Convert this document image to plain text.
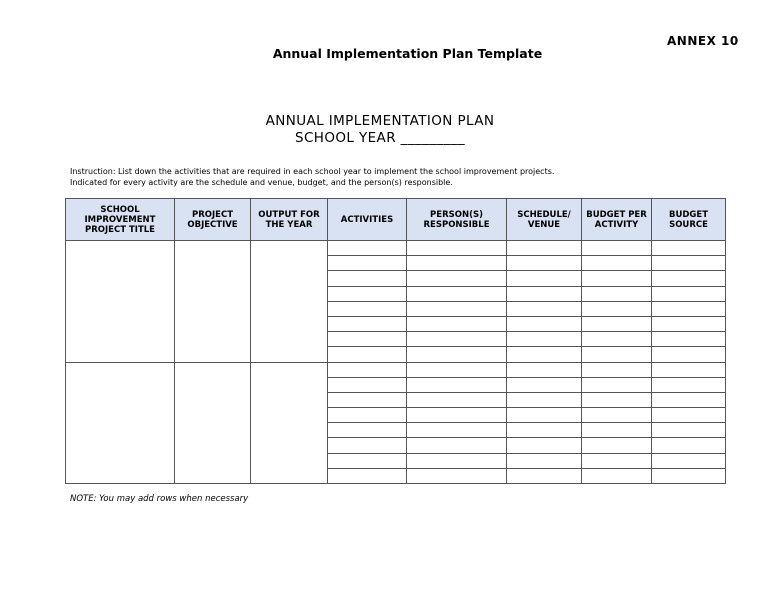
ANNEX 10
Annual Implementation Plan Template
ANNUAL IMPLEMENTATION PLAN
SCHOOL YEAR _________
Instruction: List down the activities that are required in each school year to implement the school improvement projects.
Indicated for every activity are the schedule and venue, budget, and the person(s) responsible.
SCHOOL IMPROVEMENT PROJECT TITLE	PROJECT OBJECTIVE	OUTPUT FOR THE YEAR	ACTIVITIES	PERSON(S) RESPONSIBLE	SCHEDULE/ VENUE	BUDGET PER ACTIVITY	BUDGET SOURCE

NOTE: You may add rows when necessary
